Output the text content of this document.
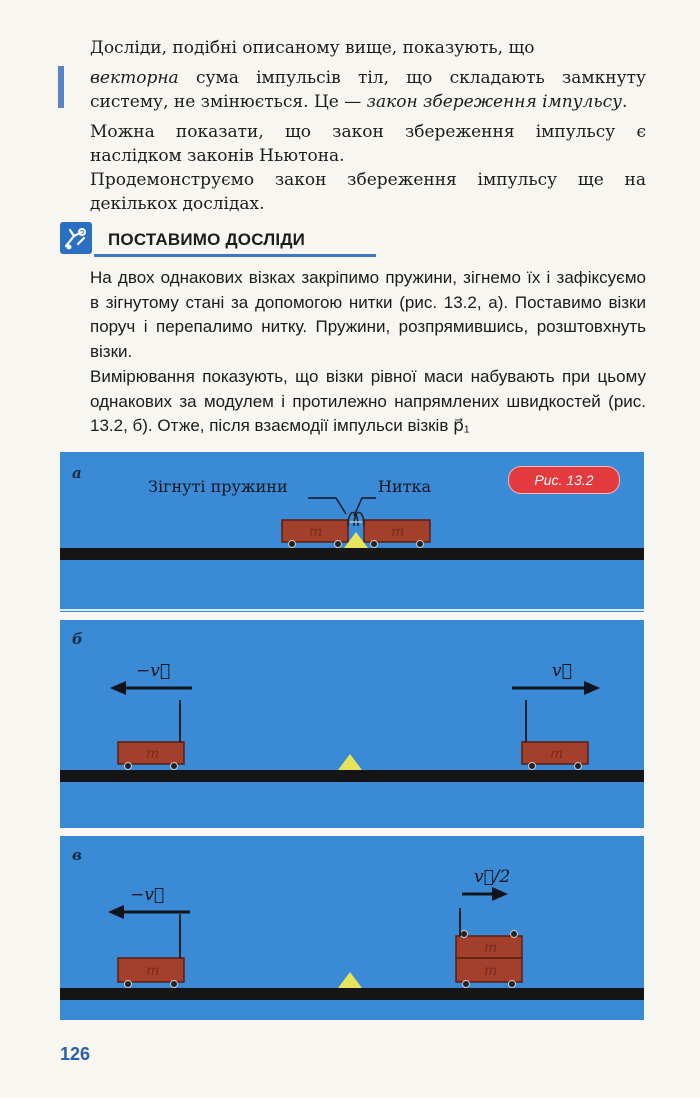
Досліди, подібні описаному вище, показують, що

векторна сума імпульсів тіл, що складають замкнуту

систему, не змінюється. Це — закон збереження імпульсу.

Можна показати, що закон збереження імпульсу є наслідком законів Ньютона.

Продемонструємо закон збереження імпульсу ще на декількох дослідах.

ПОСТАВИМО ДОСЛІДИ

На двох однакових візках закріпимо пружини, зігнемо їх і зафіксуємо в зігнутому стані за допомогою нитки (рис. 13.2, а). Поставимо візки поруч і перепалимо нитку. Пружини, розпрямившись, розштовхнуть візки.

Вимірювання показують, що візки рівної маси набувають при цьому однакових за модулем і протилежно напрямлених швидкостей (рис. 13.2, б). Отже, після взаємодії імпульси візків p⃗₁

а
Зігнуті пружини	Нитка
m	m
Рис. 13.2
б
−v⃗	v⃗
m	m
в
−v⃗
v⃗/2
m
m
m
126
